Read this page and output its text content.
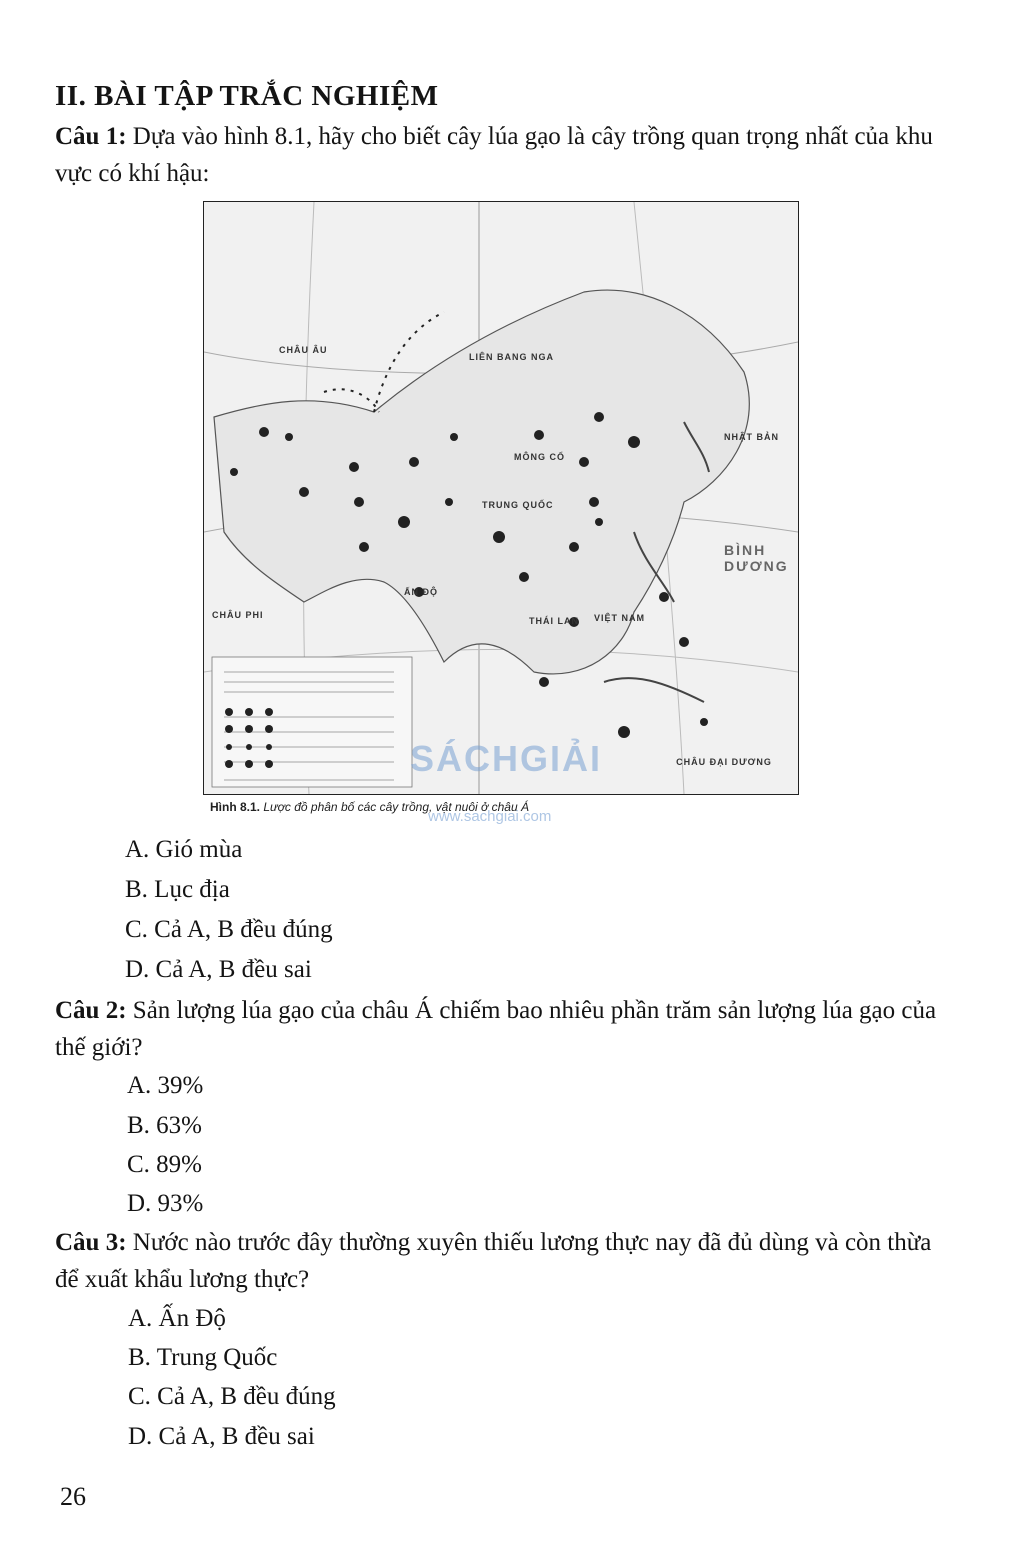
II. BÀI TẬP TRẮC NGHIỆM
Câu 1: Dựa vào hình 8.1, hãy cho biết cây lúa gạo là cây trồng quan trọng nhất của khu vực có khí hậu:
CHÂU ÂU
LIÊN BANG NGA
MÔNG CỔ
TRUNG QUỐC
CHÂU PHI
CHÂU ĐẠI DƯƠNG
THÁI LAN VIỆT NAM
ẤN ĐỘ
NHẬT BẢN
BÌNH DƯƠNG
SÁCHGIẢI
www.sachgiai.com
Hình 8.1. Lược đồ phân bố các cây trồng, vật nuôi ở châu Á
A. Gió mùa
B. Lục địa
C. Cả A, B đều đúng
D. Cả A, B đều sai
Câu 2: Sản lượng lúa gạo của châu Á chiếm bao nhiêu phần trăm sản lượng lúa gạo của thế giới?
A. 39%
B. 63%
C. 89%
D. 93%
Câu 3: Nước nào trước đây thường xuyên thiếu lương thực nay đã đủ dùng và còn thừa để xuất khẩu lương thực?
A. Ấn Độ
B. Trung Quốc
C. Cả A, B đều đúng
D. Cả A, B đều sai
26
